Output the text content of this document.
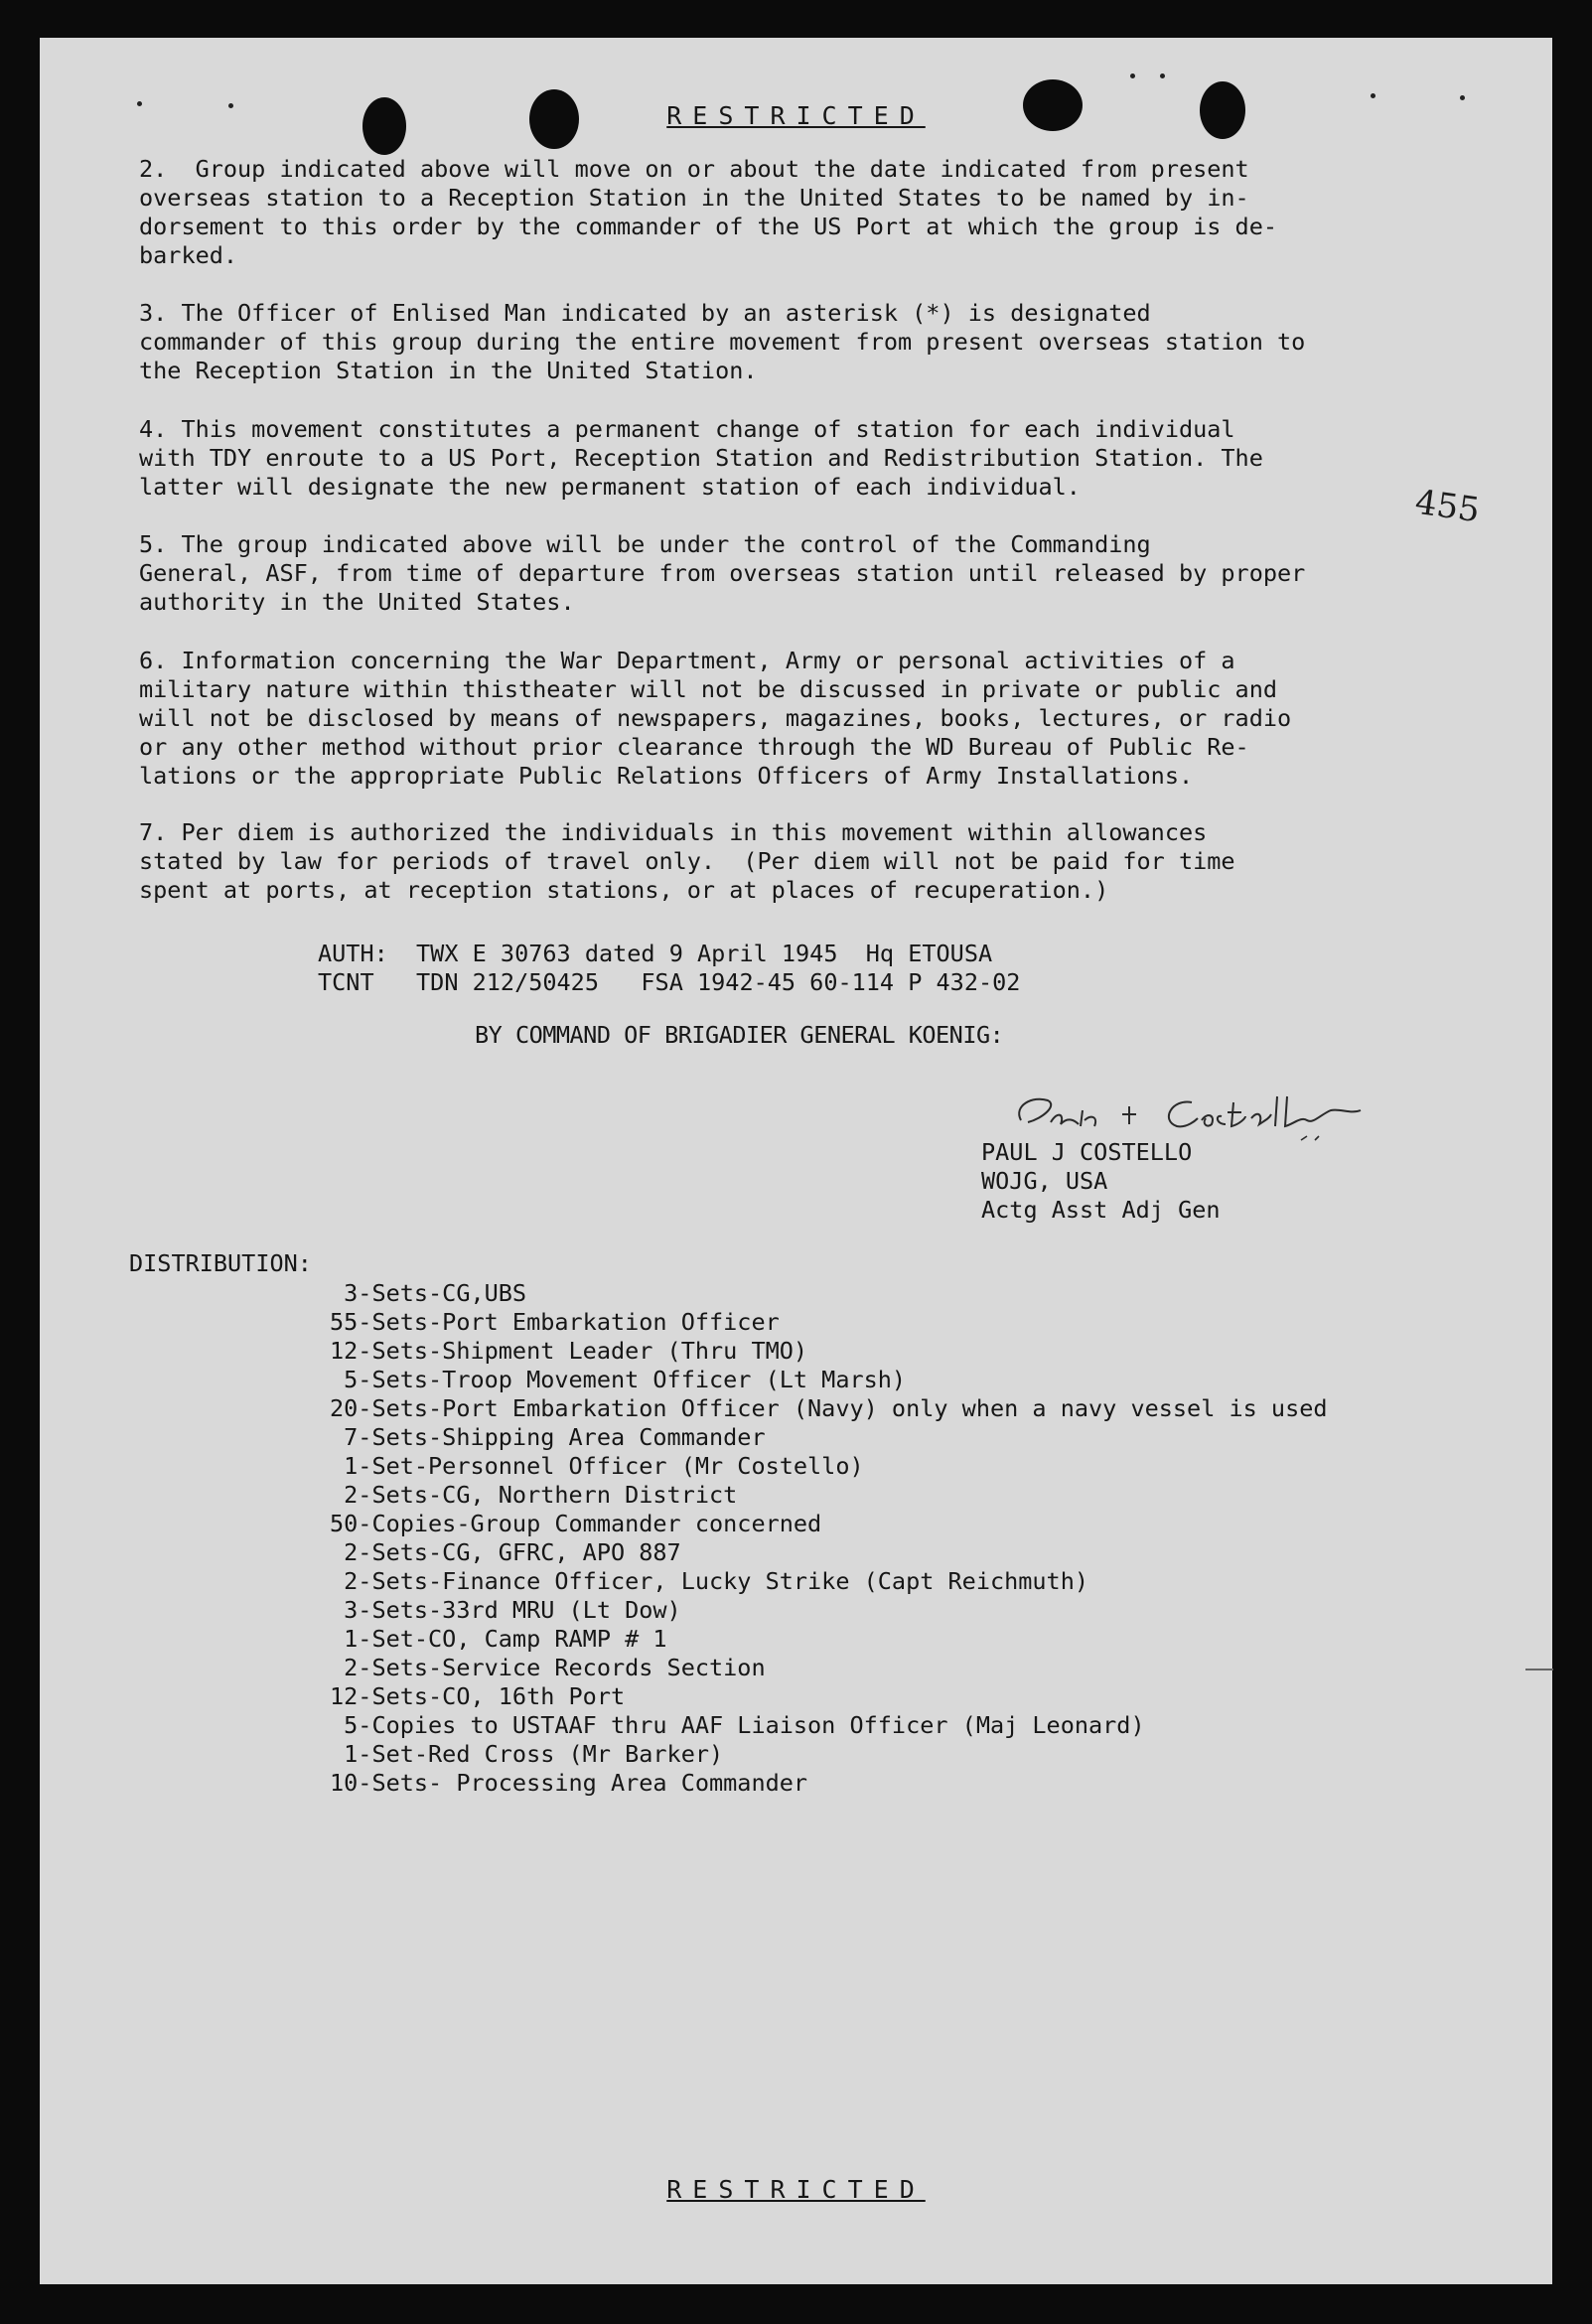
RESTRICTED

2.  Group indicated above will move on or about the date indicated from present
overseas station to a Reception Station in the United States to be named by in-
dorsement to this order by the commander of the US Port at which the group is de-
barked.

3. The Officer of Enlised Man indicated by an asterisk (*) is designated
commander of this group during the entire movement from present overseas station to
the Reception Station in the United Station.

4. This movement constitutes a permanent change of station for each individual
with TDY enroute to a US Port, Reception Station and Redistribution Station. The
latter will designate the new permanent station of each individual.

5. The group indicated above will be under the control of the Commanding
General, ASF, from time of departure from overseas station until released by proper
authority in the United States.

6. Information concerning the War Department, Army or personal activities of a
military nature within thistheater will not be discussed in private or public and
will not be disclosed by means of newspapers, magazines, books, lectures, or radio
or any other method without prior clearance through the WD Bureau of Public Re-
lations or the appropriate Public Relations Officers of Army Installations.

7. Per diem is authorized the individuals in this movement within allowances
stated by law for periods of travel only.  (Per diem will not be paid for time
spent at ports, at reception stations, or at places of recuperation.)

455
AUTH:  TWX E 30763 dated 9 April 1945  Hq ETOUSA
TCNT   TDN 212/50425   FSA 1942-45 60-114 P 432-02
BY COMMAND OF BRIGADIER GENERAL KOENIG:
PAUL J COSTELLO
WOJG, USA
Actg Asst Adj Gen
DISTRIBUTION:
3-Sets-CG,UBS
55-Sets-Port Embarkation Officer
12-Sets-Shipment Leader (Thru TMO)
5-Sets-Troop Movement Officer (Lt Marsh)
20-Sets-Port Embarkation Officer (Navy) only when a navy vessel is used
7-Sets-Shipping Area Commander
1-Set-Personnel Officer (Mr Costello)
2-Sets-CG, Northern District
50-Copies-Group Commander concerned
2-Sets-CG, GFRC, APO 887
2-Sets-Finance Officer, Lucky Strike (Capt Reichmuth)
3-Sets-33rd MRU (Lt Dow)
1-Set-CO, Camp RAMP # 1
2-Sets-Service Records Section
12-Sets-CO, 16th Port
5-Copies to USTAAF thru AAF Liaison Officer (Maj Leonard)
1-Set-Red Cross (Mr Barker)
10-Sets- Processing Area Commander
RESTRICTED
